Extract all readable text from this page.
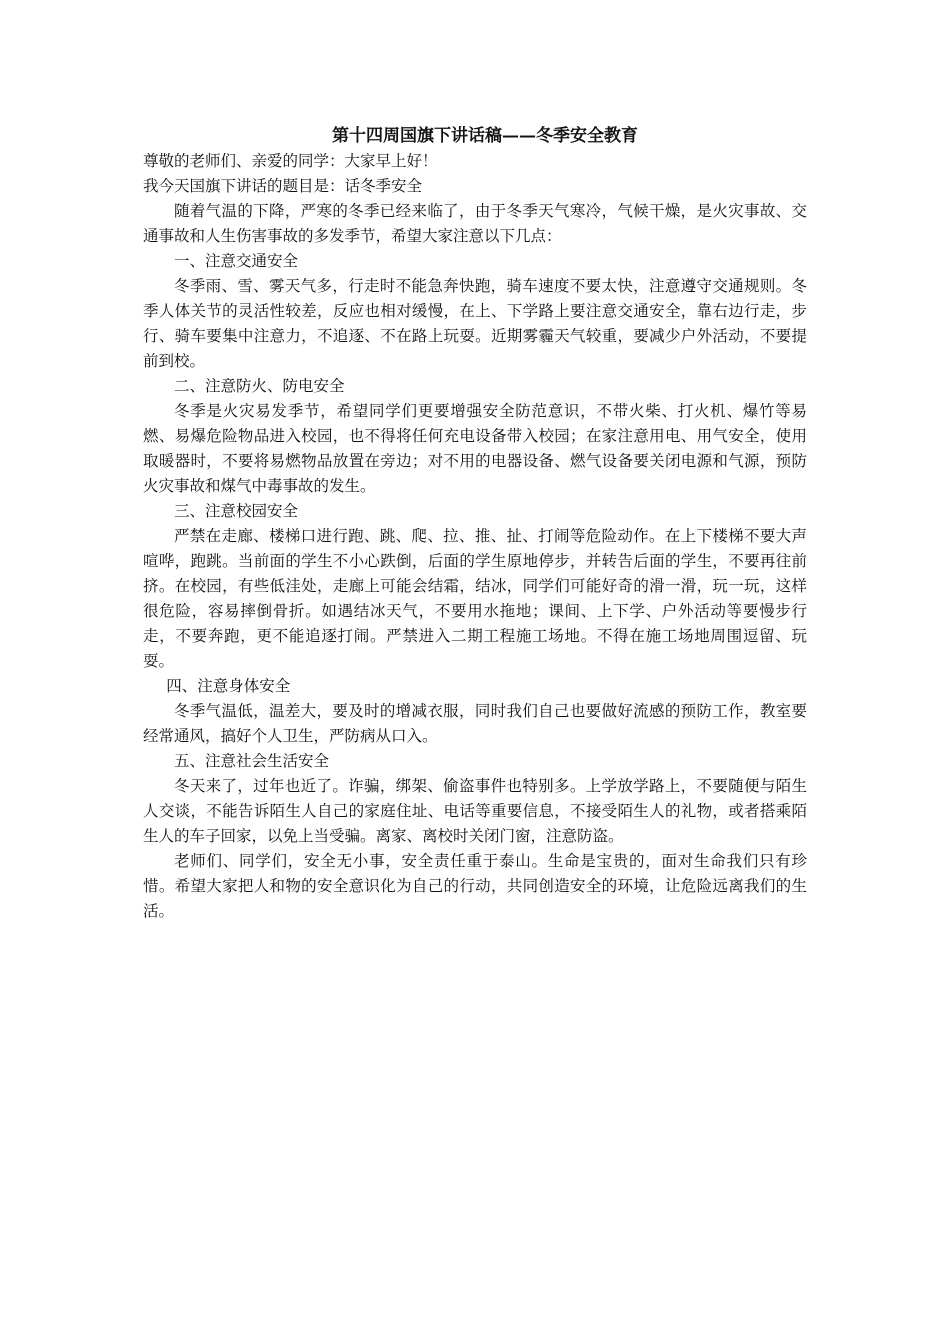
第十四周国旗下讲话稿——冬季安全教育

尊敬的老师们、亲爱的同学：大家早上好！

我今天国旗下讲话的题目是：话冬季安全

随着气温的下降，严寒的冬季已经来临了，由于冬季天气寒冷，气候干燥，是火灾事故、交通事故和人生伤害事故的多发季节，希望大家注意以下几点：

一、注意交通安全

冬季雨、雪、雾天气多，行走时不能急奔快跑，骑车速度不要太快，注意遵守交通规则。冬季人体关节的灵活性较差，反应也相对缓慢，在上、下学路上要注意交通安全，靠右边行走，步行、骑车要集中注意力，不追逐、不在路上玩耍。近期雾霾天气较重，要减少户外活动，不要提前到校。

二、注意防火、防电安全

冬季是火灾易发季节，希望同学们更要增强安全防范意识，不带火柴、打火机、爆竹等易燃、易爆危险物品进入校园，也不得将任何充电设备带入校园；在家注意用电、用气安全，使用取暖器时，不要将易燃物品放置在旁边；对不用的电器设备、燃气设备要关闭电源和气源，预防火灾事故和煤气中毒事故的发生。

三、注意校园安全

严禁在走廊、楼梯口进行跑、跳、爬、拉、推、扯、打闹等危险动作。在上下楼梯不要大声喧哗，跑跳。当前面的学生不小心跌倒，后面的学生原地停步，并转告后面的学生，不要再往前挤。在校园，有些低洼处，走廊上可能会结霜，结冰，同学们可能好奇的滑一滑，玩一玩，这样很危险，容易摔倒骨折。如遇结冰天气，不要用水拖地；课间、上下学、户外活动等要慢步行走，不要奔跑，更不能追逐打闹。严禁进入二期工程施工场地。不得在施工场地周围逗留、玩耍。

四、注意身体安全

冬季气温低，温差大，要及时的增减衣服，同时我们自己也要做好流感的预防工作，教室要经常通风，搞好个人卫生，严防病从口入。

五、注意社会生活安全

冬天来了，过年也近了。诈骗，绑架、偷盗事件也特别多。上学放学路上，不要随便与陌生人交谈，不能告诉陌生人自己的家庭住址、电话等重要信息，不接受陌生人的礼物，或者搭乘陌生人的车子回家，以免上当受骗。离家、离校时关闭门窗，注意防盗。

老师们、同学们，安全无小事，安全责任重于泰山。生命是宝贵的，面对生命我们只有珍惜。希望大家把人和物的安全意识化为自己的行动，共同创造安全的环境，让危险远离我们的生活。
